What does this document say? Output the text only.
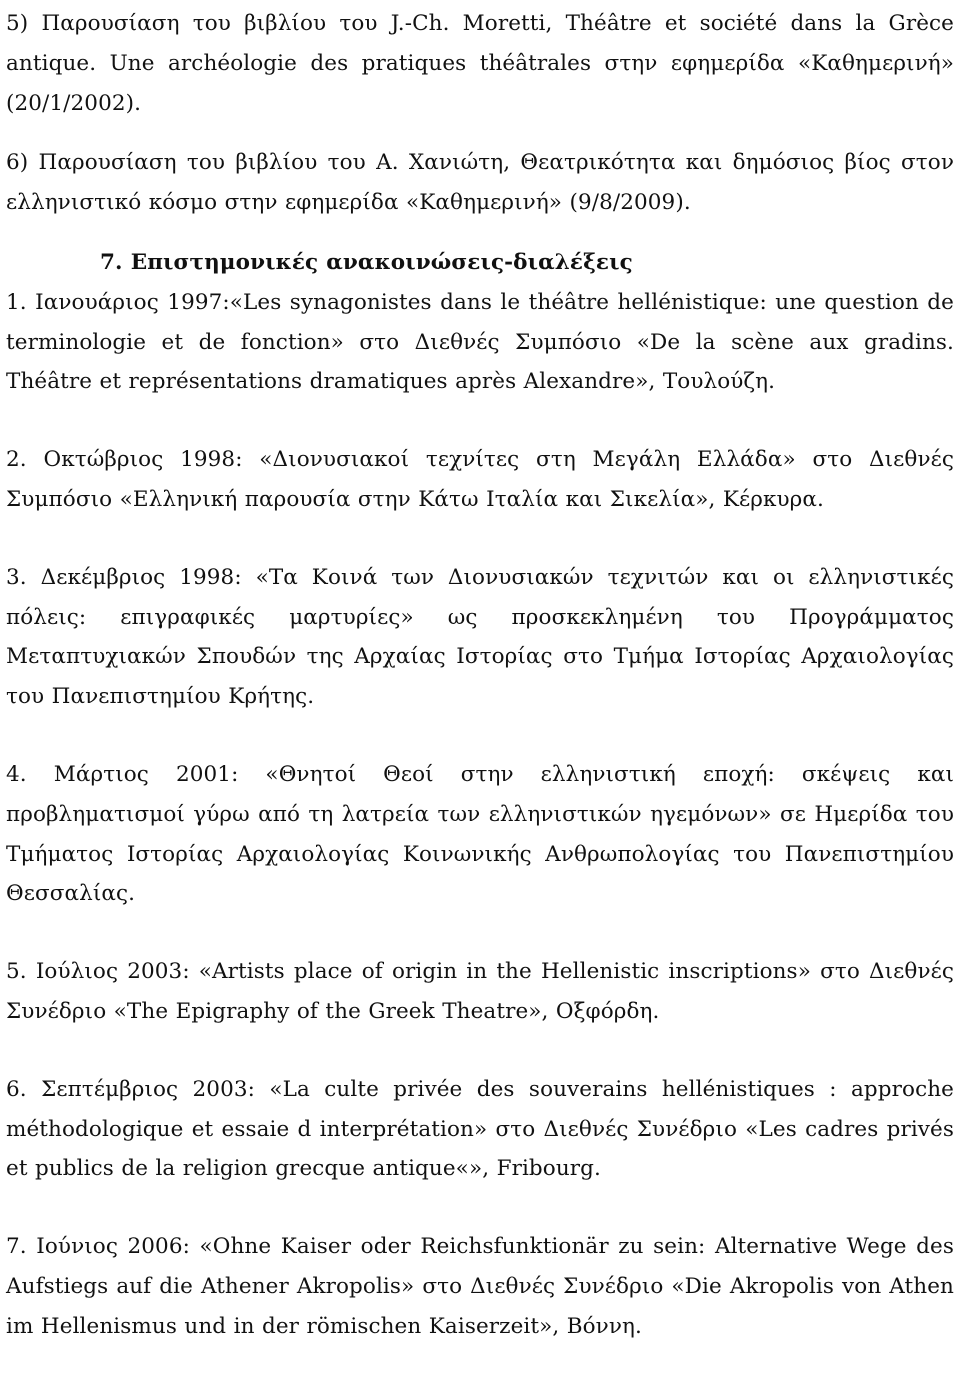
5) Παρουσίαση του βιβλίου του J.-Ch. Moretti, Théâtre et société dans la Grèce antique. Une archéologie des pratiques théâtrales στην εφημερίδα «Καθημερινή» (20/1/2002).

6) Παρουσίαση του βιβλίου του Α. Χανιώτη, Θεατρικότητα και δημόσιος βίος στον ελληνιστικό κόσμο στην εφημερίδα «Καθημερινή» (9/8/2009).

7. Επιστημονικές ανακοινώσεις-διαλέξεις

1. Ιανουάριος 1997:«Les synagonistes dans le théâtre hellénistique: une question de terminologie et de fonction» στο Διεθνές Συμπόσιο «De la scène aux gradins. Théâtre et représentations dramatiques après Alexandre», Τουλούζη.

2. Οκτώβριος 1998: «Διονυσιακοί τεχνίτες στη Μεγάλη Ελλάδα» στο Διεθνές Συμπόσιο «Ελληνική παρουσία στην Κάτω Ιταλία και Σικελία», Κέρκυρα.

3. Δεκέμβριος 1998: «Τα Κοινά των Διονυσιακών τεχνιτών και οι ελληνιστικές πόλεις: επιγραφικές μαρτυρίες» ως προσκεκλημένη του Προγράμματος Μεταπτυχιακών Σπουδών της Αρχαίας Ιστορίας στο Τμήμα Ιστορίας Αρχαιολογίας του Πανεπιστημίου Κρήτης.

4. Μάρτιος 2001: «Θνητοί Θεοί στην ελληνιστική εποχή: σκέψεις και προβληματισμοί γύρω από τη λατρεία των ελληνιστικών ηγεμόνων» σε Ημερίδα του Τμήματος Ιστορίας Αρχαιολογίας Κοινωνικής Ανθρωπολογίας του Πανεπιστημίου Θεσσαλίας.

5. Ιούλιος 2003: «Artists place of origin in the Hellenistic inscriptions» στο Διεθνές Συνέδριο «The Epigraphy of the Greek Theatre», Οξφόρδη.

6. Σεπτέμβριος 2003: «La culte privée des souverains hellénistiques : approche méthodologique et essaie d interprétation» στο Διεθνές Συνέδριο «Les cadres privés et publics de la religion grecque antique«», Fribourg.

7. Ιούνιος 2006: «Ohne Kaiser oder Reichsfunktionär zu sein: Alternative Wege des Aufstiegs auf die Athener Akropolis» στο Διεθνές Συνέδριο «Die Akropolis von Athen im Hellenismus und in der römischen Kaiserzeit», Βόννη.
